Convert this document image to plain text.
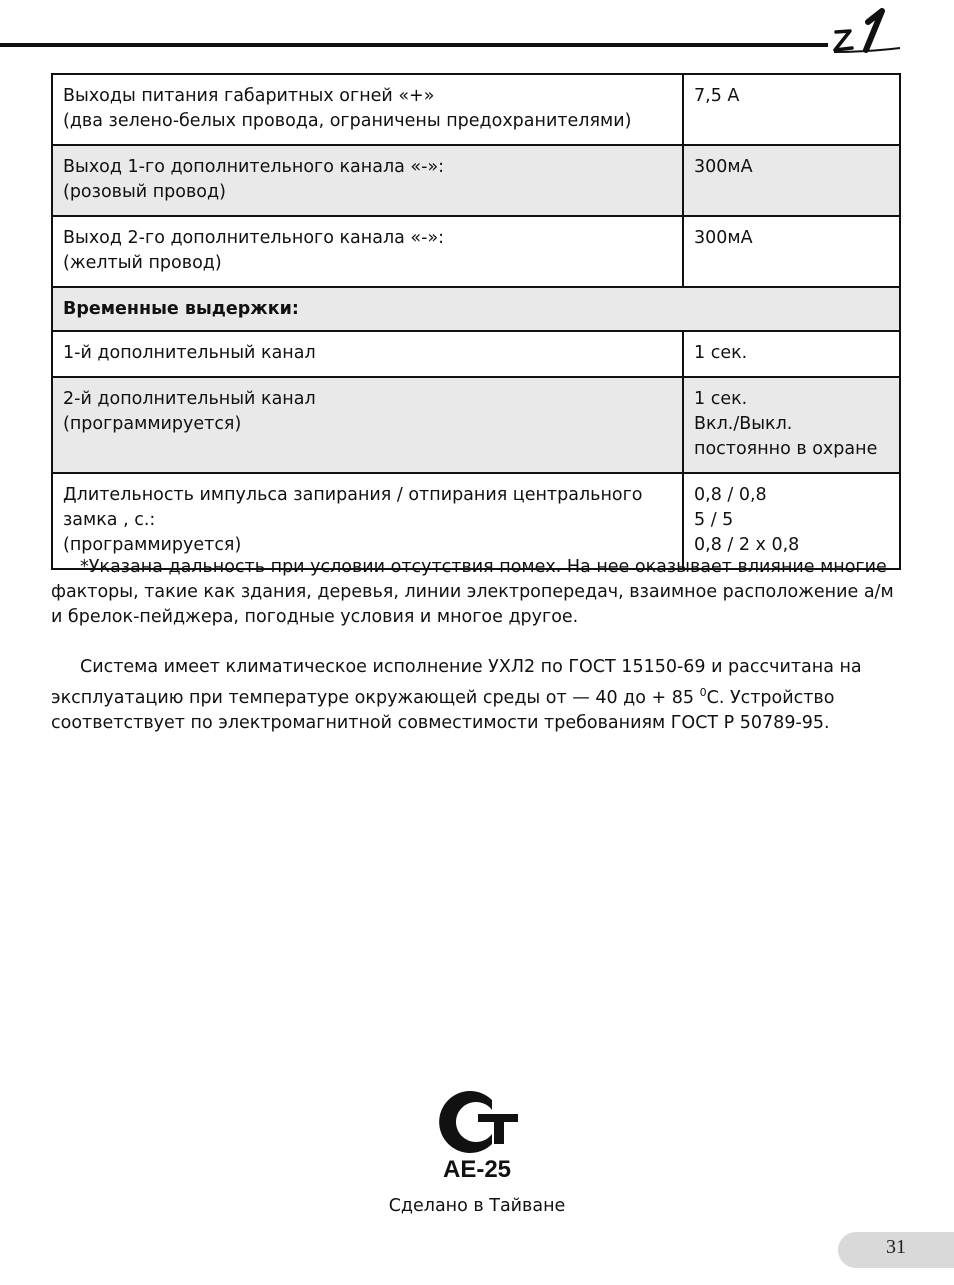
Выходы питания габаритных огней «+»
(два зелено-белых провода, ограничены предохранителями)	7,5 А

Выход 1-го дополнительного канала «-»:
(розовый провод)	300мА

Выход 2-го дополнительного канала «-»:
(желтый провод)	300мА

Временные выдержки:	

1-й дополнительный канал	1 сек.

2-й дополнительный канал
(программируется)	1 сек.
Вкл./Выкл.
постоянно в охране

Длительность импульса запирания / отпирания центрального
замка , с.:
(программируется)	0,8 / 0,8
5 / 5
0,8 / 2 х 0,8

*Указана дальность при условии отсутствия помех. На нее оказывает влияние многие факторы, такие как здания, деревья, линии электропередач, взаимное расположение а/м и брелок-пейджера, погодные условия и многое другое.

Система имеет климатическое исполнение УХЛ2 по ГОСТ 15150-69 и рассчитана на эксплуатацию при температуре окружающей среды от — 40 до + 85 $^0$С. Устройство соответствует по электромагнитной совместимости требованиям ГОСТ Р 50789-95.

AE-25
Сделано в Тайване
31
